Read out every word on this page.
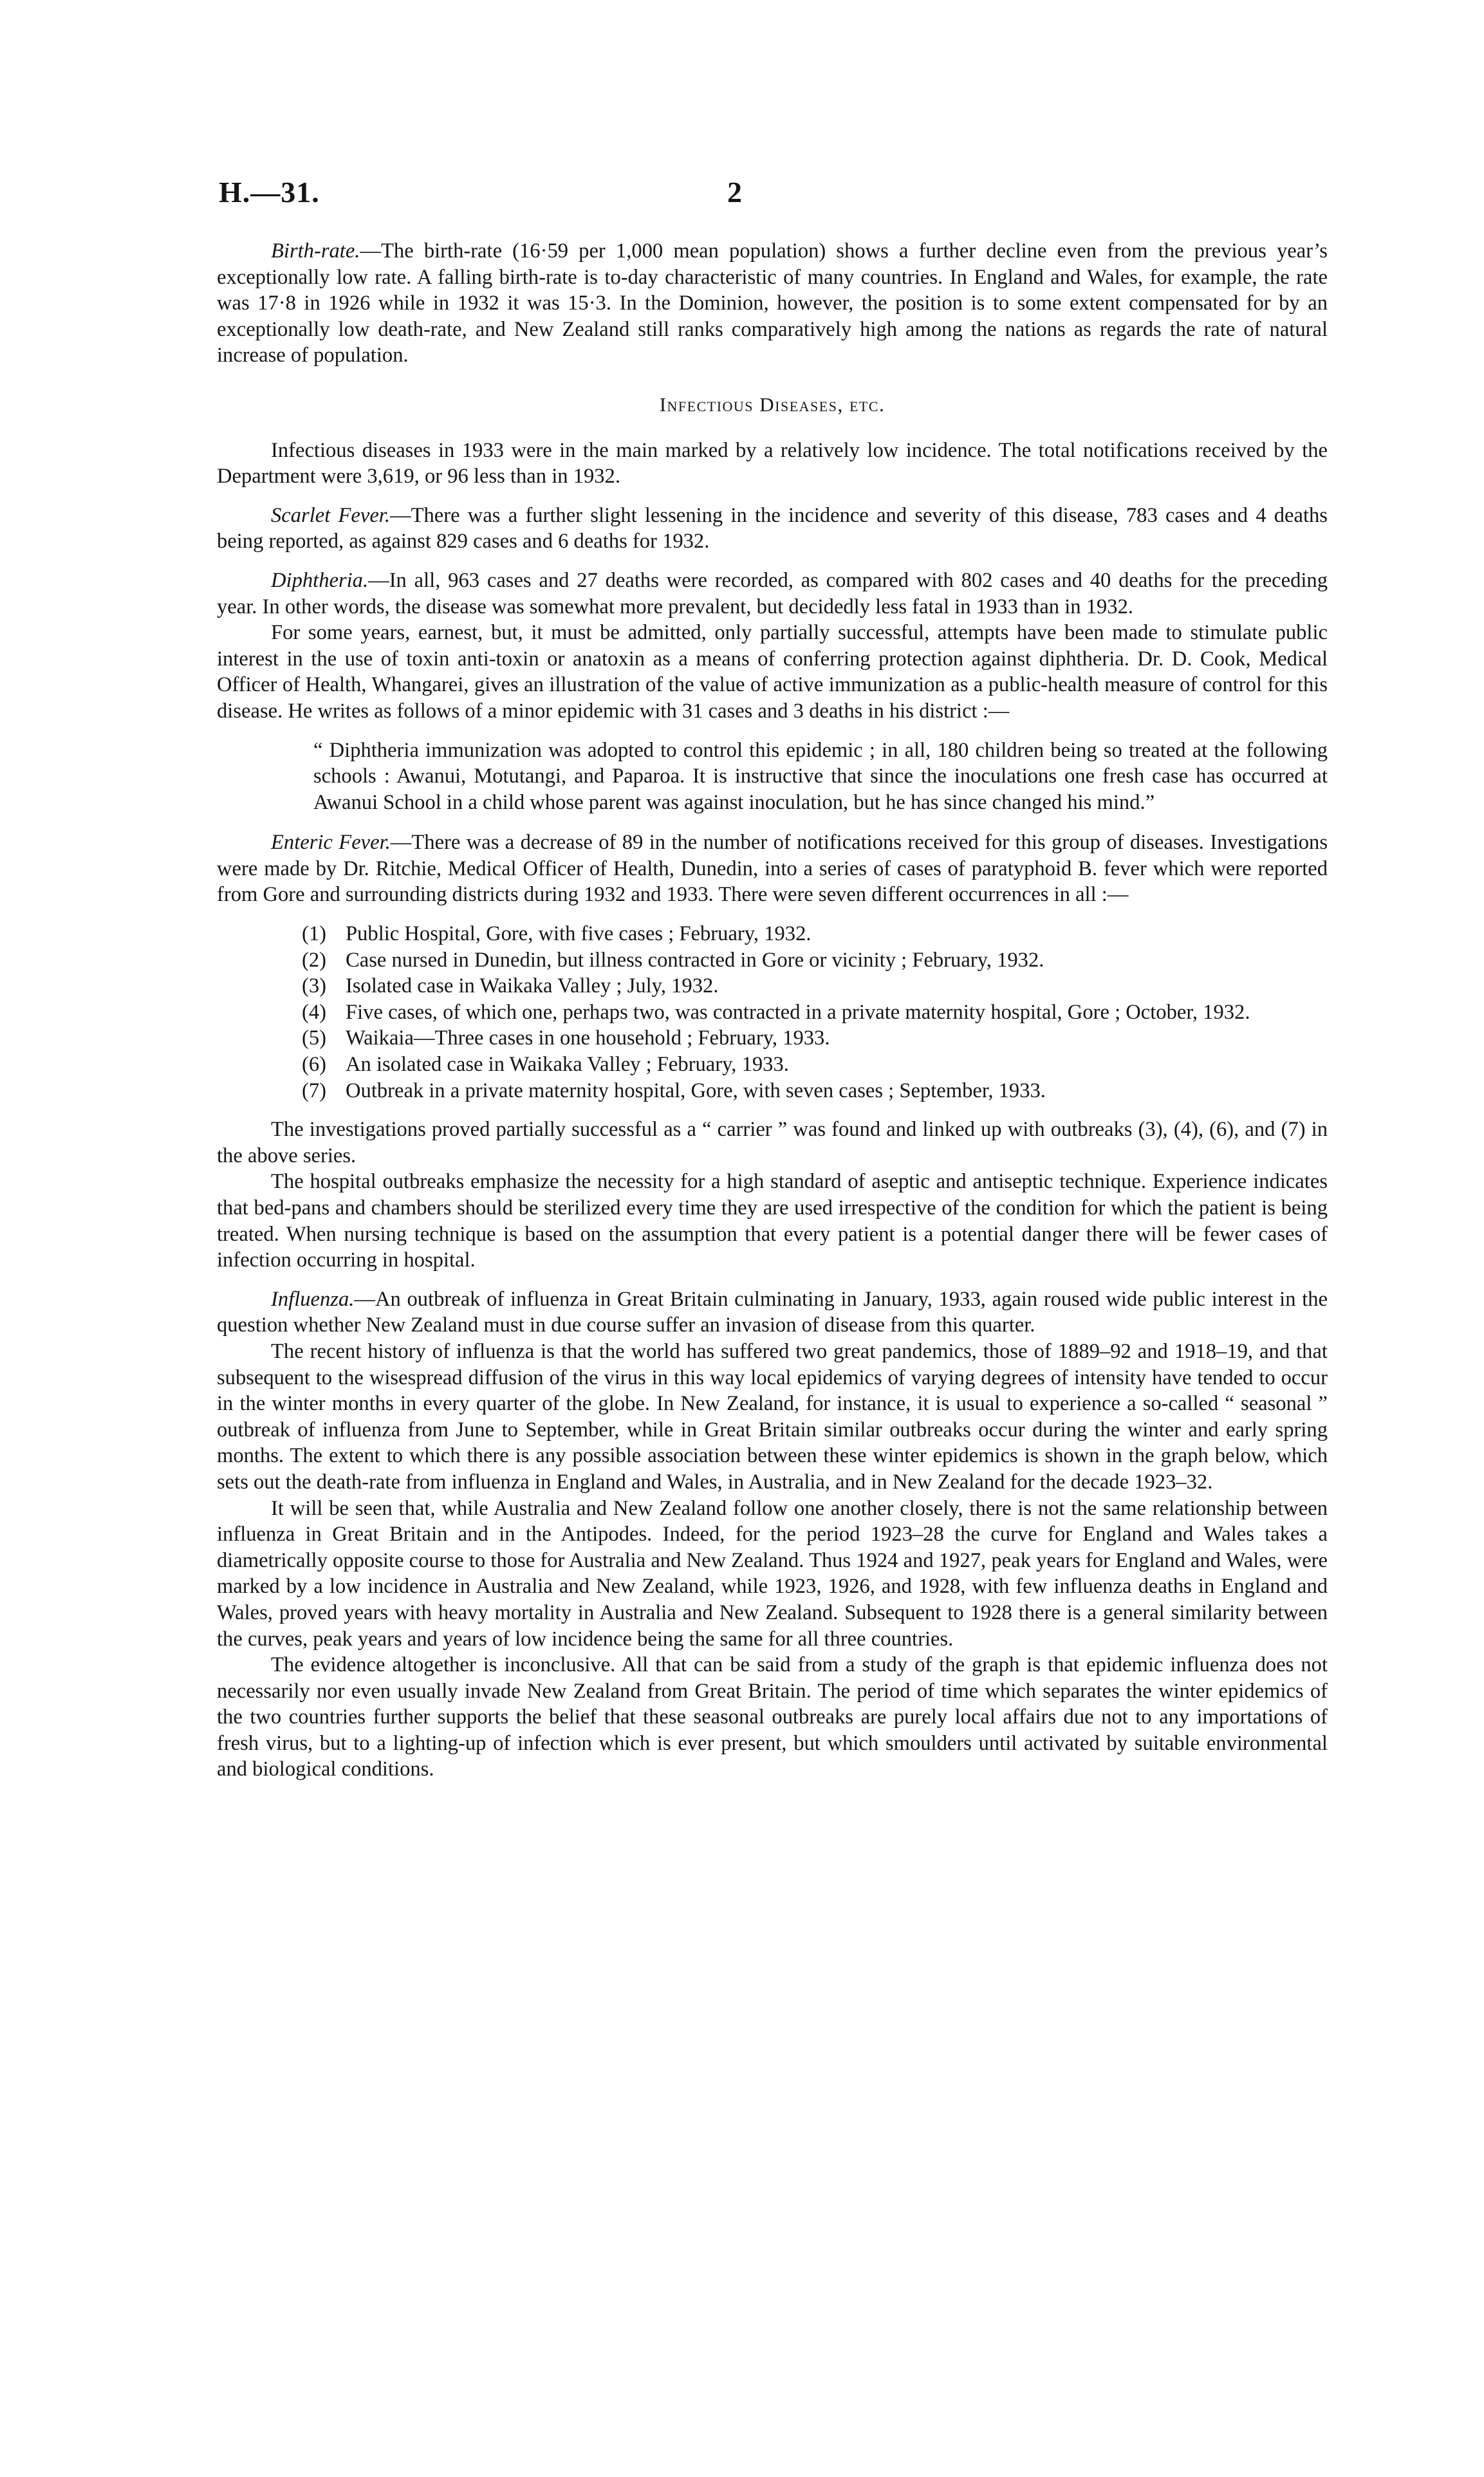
H.—31.	2

Birth-rate.—The birth-rate (16·59 per 1,000 mean population) shows a further decline even from the previous year’s exceptionally low rate. A falling birth-rate is to-day characteristic of many countries. In England and Wales, for example, the rate was 17·8 in 1926 while in 1932 it was 15·3. In the Dominion, however, the position is to some extent compensated for by an exceptionally low death-rate, and New Zealand still ranks comparatively high among the nations as regards the rate of natural increase of population.

Infectious Diseases, etc.

Infectious diseases in 1933 were in the main marked by a relatively low incidence. The total notifications received by the Department were 3,619, or 96 less than in 1932.

Scarlet Fever.—There was a further slight lessening in the incidence and severity of this disease, 783 cases and 4 deaths being reported, as against 829 cases and 6 deaths for 1932.

Diphtheria.—In all, 963 cases and 27 deaths were recorded, as compared with 802 cases and 40 deaths for the preceding year. In other words, the disease was somewhat more prevalent, but decidedly less fatal in 1933 than in 1932.

For some years, earnest, but, it must be admitted, only partially successful, attempts have been made to stimulate public interest in the use of toxin anti-toxin or anatoxin as a means of conferring protection against diphtheria. Dr. D. Cook, Medical Officer of Health, Whangarei, gives an illustration of the value of active immunization as a public-health measure of control for this disease. He writes as follows of a minor epidemic with 31 cases and 3 deaths in his district :—

“ Diphtheria immunization was adopted to control this epidemic ; in all, 180 children being so treated at the following schools : Awanui, Motutangi, and Paparoa. It is instructive that since the inoculations one fresh case has occurred at Awanui School in a child whose parent was against inoculation, but he has since changed his mind.”

Enteric Fever.—There was a decrease of 89 in the number of notifications received for this group of diseases. Investigations were made by Dr. Ritchie, Medical Officer of Health, Dunedin, into a series of cases of paratyphoid B. fever which were reported from Gore and surrounding districts during 1932 and 1933. There were seven different occurrences in all :—

(1) Public Hospital, Gore, with five cases ; February, 1932.
(2) Case nursed in Dunedin, but illness contracted in Gore or vicinity ; February, 1932.
(3) Isolated case in Waikaka Valley ; July, 1932.
(4) Five cases, of which one, perhaps two, was contracted in a private maternity hospital, Gore ; October, 1932.
(5) Waikaia—Three cases in one household ; February, 1933.
(6) An isolated case in Waikaka Valley ; February, 1933.
(7) Outbreak in a private maternity hospital, Gore, with seven cases ; September, 1933.

The investigations proved partially successful as a “ carrier ” was found and linked up with outbreaks (3), (4), (6), and (7) in the above series.

The hospital outbreaks emphasize the necessity for a high standard of aseptic and antiseptic technique. Experience indicates that bed-pans and chambers should be sterilized every time they are used irrespective of the condition for which the patient is being treated. When nursing technique is based on the assumption that every patient is a potential danger there will be fewer cases of infection occurring in hospital.

Influenza.—An outbreak of influenza in Great Britain culminating in January, 1933, again roused wide public interest in the question whether New Zealand must in due course suffer an invasion of disease from this quarter.

The recent history of influenza is that the world has suffered two great pandemics, those of 1889–92 and 1918–19, and that subsequent to the wisespread diffusion of the virus in this way local epidemics of varying degrees of intensity have tended to occur in the winter months in every quarter of the globe. In New Zealand, for instance, it is usual to experience a so-called “ seasonal ” outbreak of influenza from June to September, while in Great Britain similar outbreaks occur during the winter and early spring months. The extent to which there is any possible association between these winter epidemics is shown in the graph below, which sets out the death-rate from influenza in England and Wales, in Australia, and in New Zealand for the decade 1923–32.

It will be seen that, while Australia and New Zealand follow one another closely, there is not the same relationship between influenza in Great Britain and in the Antipodes. Indeed, for the period 1923–28 the curve for England and Wales takes a diametrically opposite course to those for Australia and New Zealand. Thus 1924 and 1927, peak years for England and Wales, were marked by a low incidence in Australia and New Zealand, while 1923, 1926, and 1928, with few influenza deaths in England and Wales, proved years with heavy mortality in Australia and New Zealand. Subsequent to 1928 there is a general similarity between the curves, peak years and years of low incidence being the same for all three countries.

The evidence altogether is inconclusive. All that can be said from a study of the graph is that epidemic influenza does not necessarily nor even usually invade New Zealand from Great Britain. The period of time which separates the winter epidemics of the two countries further supports the belief that these seasonal outbreaks are purely local affairs due not to any importations of fresh virus, but to a lighting-up of infection which is ever present, but which smoulders until activated by suitable environmental and biological conditions.
